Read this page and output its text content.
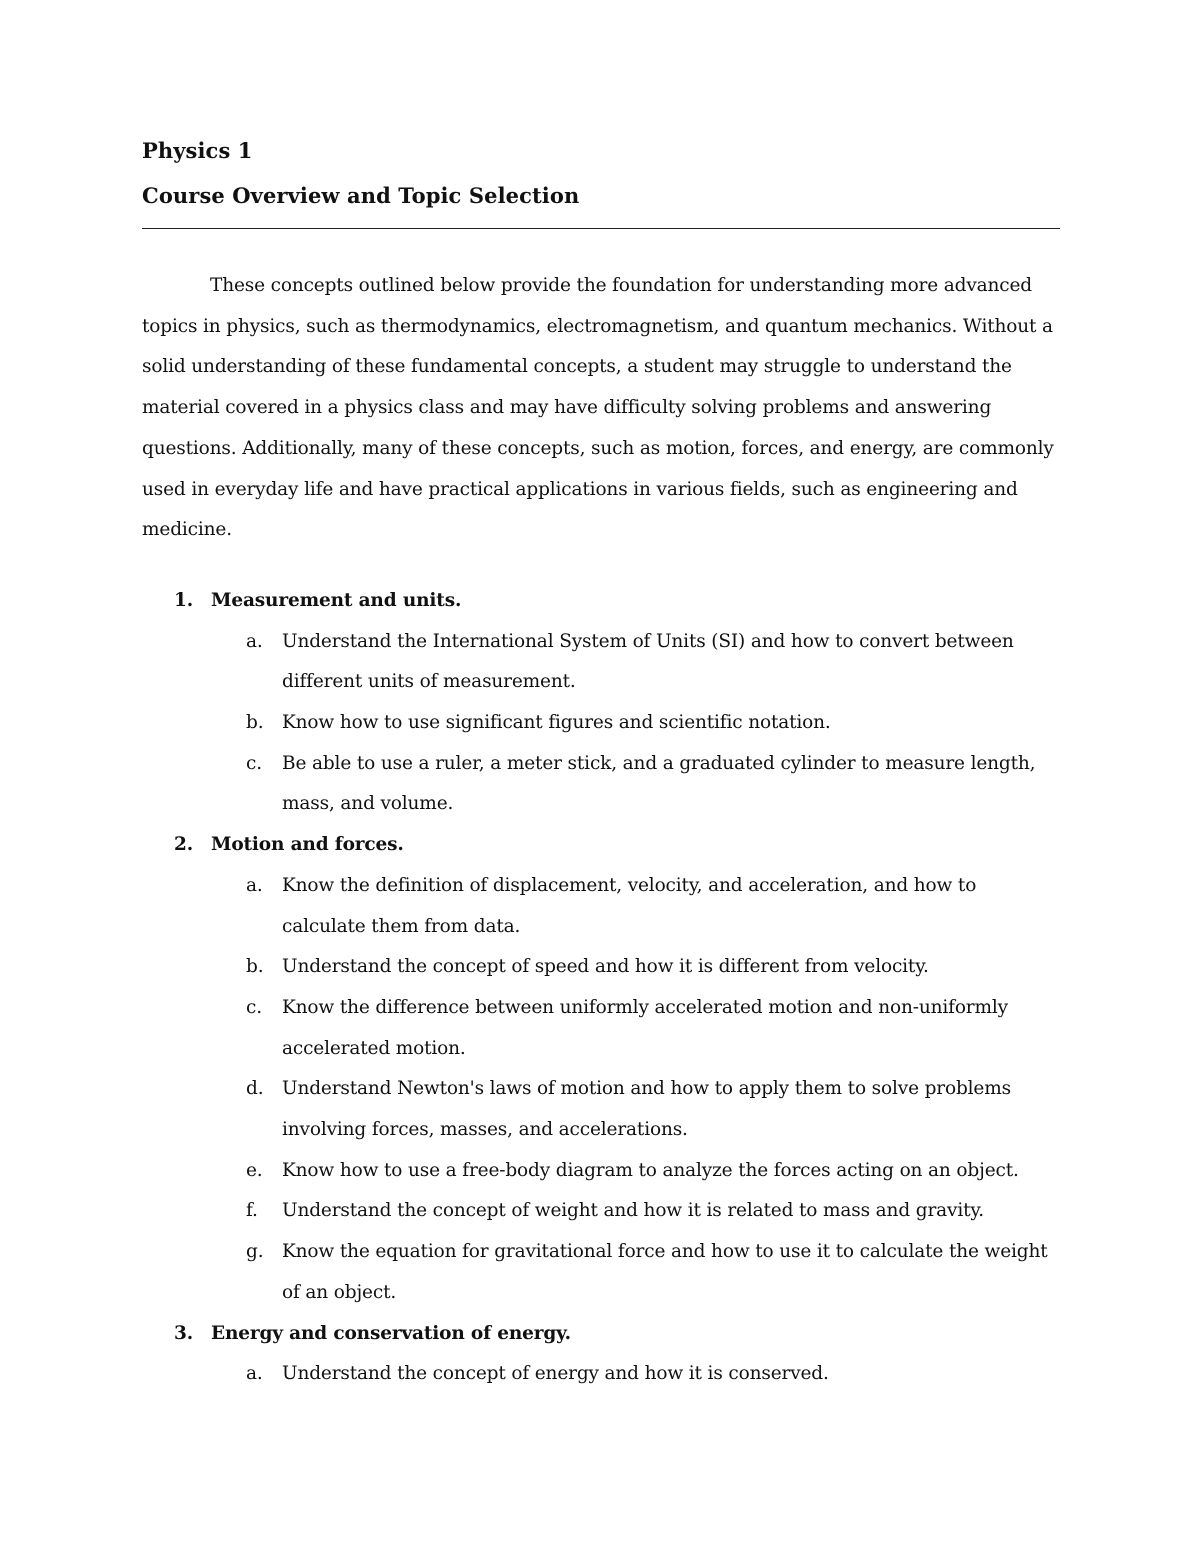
Physics 1
Course Overview and Topic Selection

These concepts outlined below provide the foundation for understanding more advanced topics in physics, such as thermodynamics, electromagnetism, and quantum mechanics. Without a solid understanding of these fundamental concepts, a student may struggle to understand the material covered in a physics class and may have difficulty solving problems and answering questions. Additionally, many of these concepts, such as motion, forces, and energy, are commonly used in everyday life and have practical applications in various fields, such as engineering and medicine.

1. Measurement and units.
a.	Understand the International System of Units (SI) and how to convert between different units of measurement.
b.	Know how to use significant figures and scientific notation.
c.	Be able to use a ruler, a meter stick, and a graduated cylinder to measure length, mass, and volume.
2. Motion and forces.
a.	Know the definition of displacement, velocity, and acceleration, and how to calculate them from data.
b.	Understand the concept of speed and how it is different from velocity.
c.	Know the difference between uniformly accelerated motion and non-uniformly accelerated motion.
d.	Understand Newton's laws of motion and how to apply them to solve problems involving forces, masses, and accelerations.
e.	Know how to use a free-body diagram to analyze the forces acting on an object.
f.	Understand the concept of weight and how it is related to mass and gravity.
g.	Know the equation for gravitational force and how to use it to calculate the weight of an object.
3. Energy and conservation of energy.
a.	Understand the concept of energy and how it is conserved.
